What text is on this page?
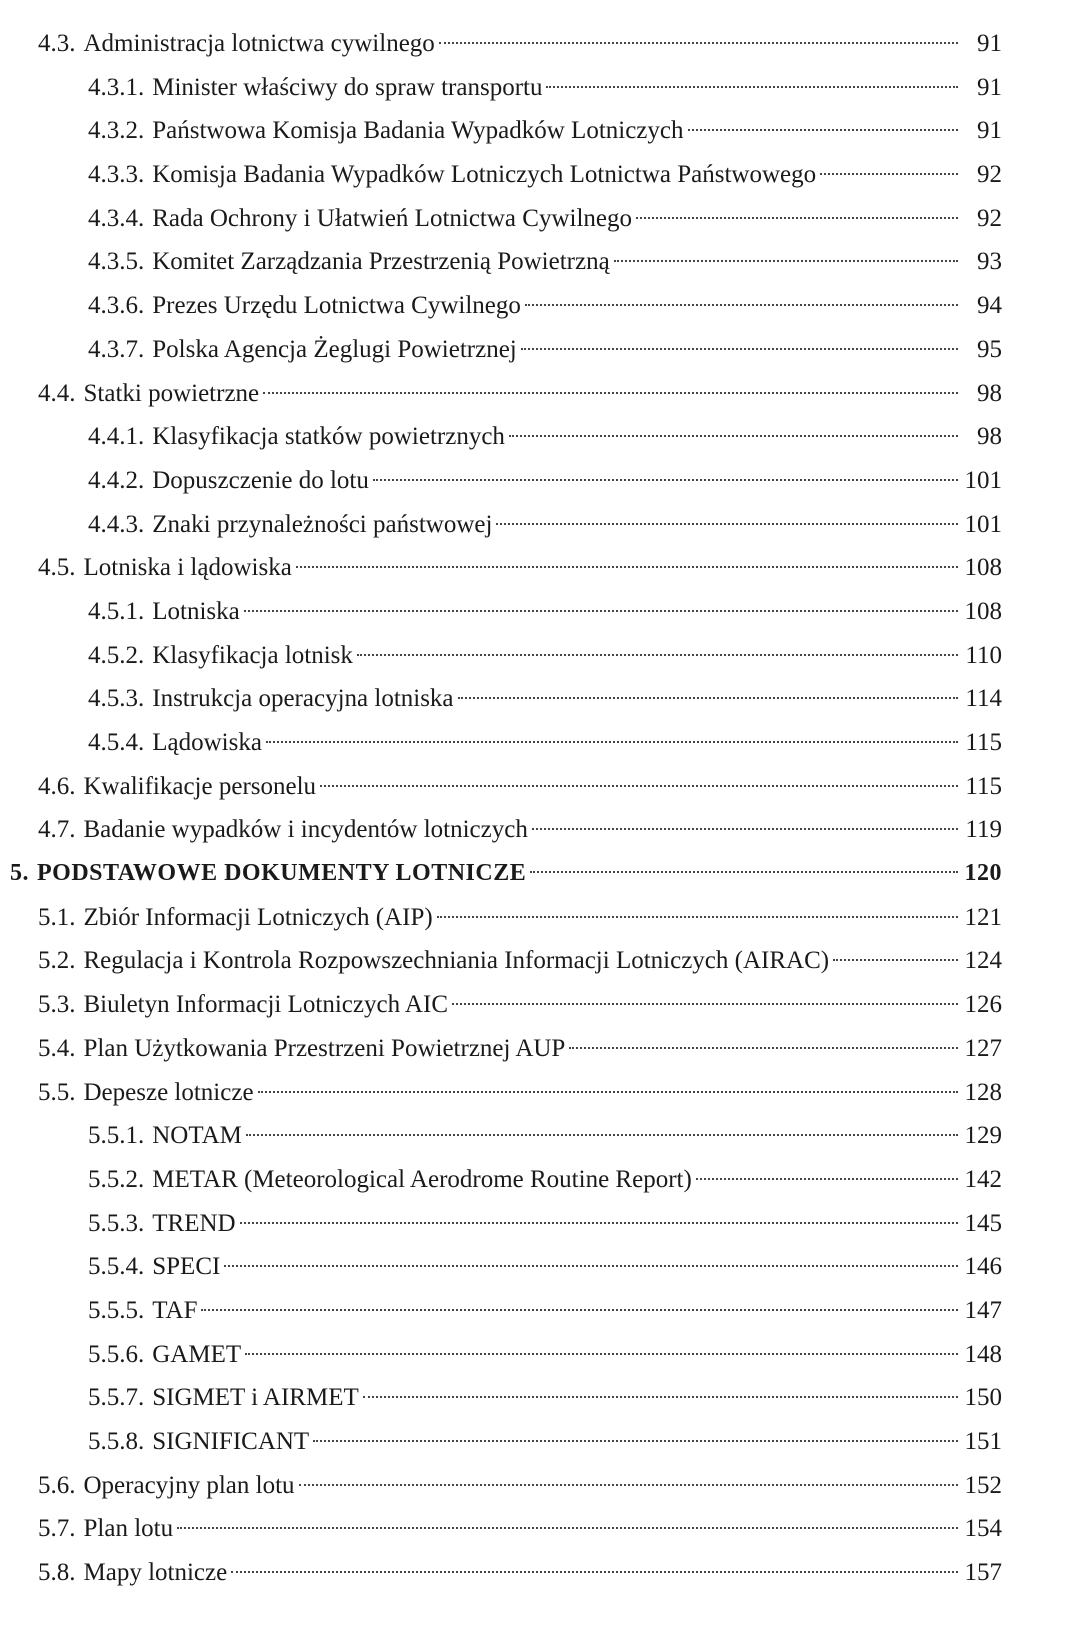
4.3. Administracja lotnictwa cywilnego	91
4.3.1. Minister właściwy do spraw transportu	91
4.3.2. Państwowa Komisja Badania Wypadków Lotniczych	91
4.3.3. Komisja Badania Wypadków Lotniczych Lotnictwa Państwowego	92
4.3.4. Rada Ochrony i Ułatwień Lotnictwa Cywilnego	92
4.3.5. Komitet Zarządzania Przestrzenią Powietrzną	93
4.3.6. Prezes Urzędu Lotnictwa Cywilnego	94
4.3.7. Polska Agencja Żeglugi Powietrznej	95
4.4. Statki powietrzne	98
4.4.1. Klasyfikacja statków powietrznych	98
4.4.2. Dopuszczenie do lotu	101
4.4.3. Znaki przynależności państwowej	101
4.5. Lotniska i lądowiska	108
4.5.1. Lotniska	108
4.5.2. Klasyfikacja lotnisk	110
4.5.3. Instrukcja operacyjna lotniska	114
4.5.4. Lądowiska	115
4.6. Kwalifikacje personelu	115
4.7. Badanie wypadków i incydentów lotniczych	119
5. PODSTAWOWE DOKUMENTY LOTNICZE	120
5.1. Zbiór Informacji Lotniczych (AIP)	121
5.2. Regulacja i Kontrola Rozpowszechniania Informacji Lotniczych (AIRAC)	124
5.3. Biuletyn Informacji Lotniczych AIC	126
5.4. Plan Użytkowania Przestrzeni Powietrznej AUP	127
5.5. Depesze lotnicze	128
5.5.1. NOTAM	129
5.5.2. METAR (Meteorological Aerodrome Routine Report)	142
5.5.3. TREND	145
5.5.4. SPECI	146
5.5.5. TAF	147
5.5.6. GAMET	148
5.5.7. SIGMET i AIRMET	150
5.5.8. SIGNIFICANT	151
5.6. Operacyjny plan lotu	152
5.7. Plan lotu	154
5.8. Mapy lotnicze	157
